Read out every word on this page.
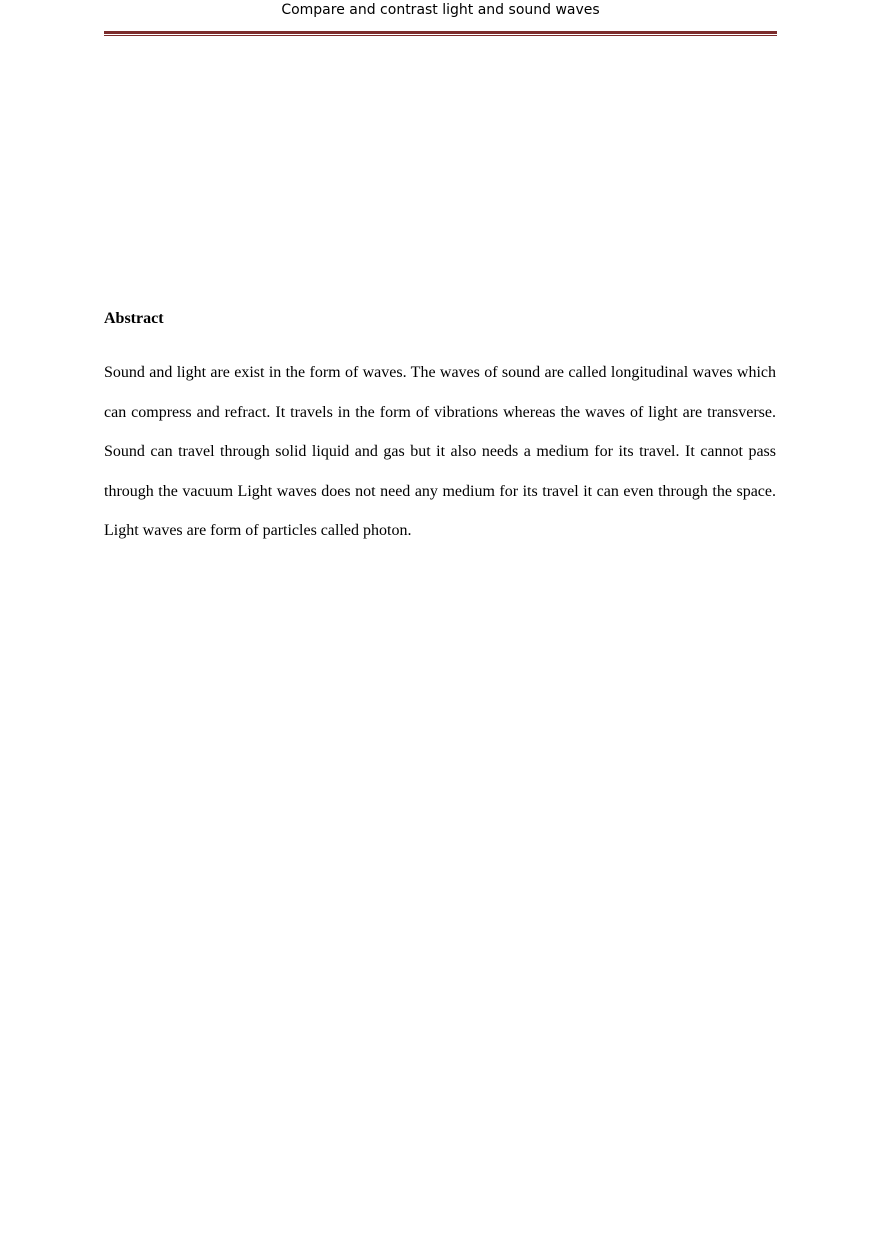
Compare and contrast light and sound waves
Abstract

Sound and light are exist in the form of waves. The waves of sound are called longitudinal waves which can compress and refract. It travels in the form of vibrations whereas the waves of light are transverse. Sound can travel through solid liquid and gas but it also needs a medium for its travel. It cannot pass through the vacuum Light waves does not need any medium for its travel it can even through the space. Light waves are form of particles called photon.
